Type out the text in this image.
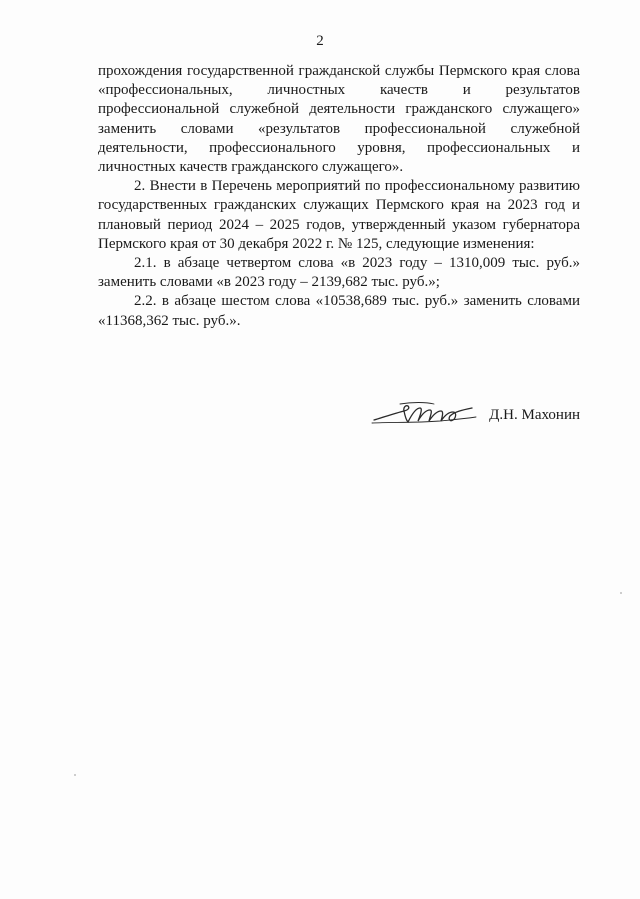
2

прохождения государственной гражданской службы Пермского края слова «профессиональных, личностных качеств и результатов профессиональной служебной деятельности гражданского служащего» заменить словами «результатов профессиональной служебной деятельности, профессионального уровня, профессиональных и личностных качеств гражданского служащего».

2. Внести в Перечень мероприятий по профессиональному развитию государственных гражданских служащих Пермского края на 2023 год и плановый период 2024 – 2025 годов, утвержденный указом губернатора Пермского края от 30 декабря 2022 г. № 125, следующие изменения:

2.1. в абзаце четвертом слова «в 2023 году – 1310,009 тыс. руб.» заменить словами «в 2023 году – 2139,682 тыс. руб.»;

2.2. в абзаце шестом слова «10538,689 тыс. руб.» заменить словами «11368,362 тыс. руб.».

Д.Н. Махонин
